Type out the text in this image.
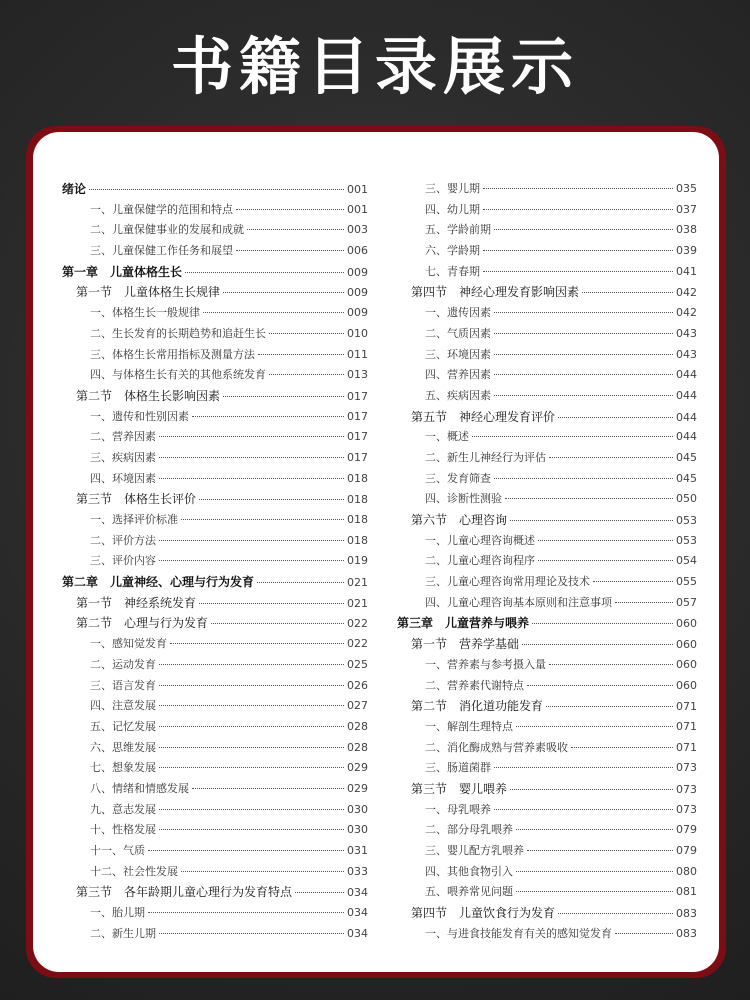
书籍目录展示
绪论	001
一、儿童保健学的范围和特点	001
二、儿童保健事业的发展和成就	003
三、儿童保健工作任务和展望	006
第一章　儿童体格生长	009
第一节　儿童体格生长规律	009
一、体格生长一般规律	009
二、生长发育的长期趋势和追赶生长	010
三、体格生长常用指标及测量方法	011
四、与体格生长有关的其他系统发育	013
第二节　体格生长影响因素	017
一、遗传和性别因素	017
二、营养因素	017
三、疾病因素	017
四、环境因素	018
第三节　体格生长评价	018
一、选择评价标准	018
二、评价方法	018
三、评价内容	019
第二章　儿童神经、心理与行为发育	021
第一节　神经系统发育	021
第二节　心理与行为发育	022
一、感知觉发育	022
二、运动发育	025
三、语言发育	026
四、注意发展	027
五、记忆发展	028
六、思维发展	028
七、想象发展	029
八、情绪和情感发展	029
九、意志发展	030
十、性格发展	030
十一、气质	031
十二、社会性发展	033
第三节　各年龄期儿童心理行为发育特点	034
一、胎儿期	034
二、新生儿期	034
三、婴儿期	035
四、幼儿期	037
五、学龄前期	038
六、学龄期	039
七、青春期	041
第四节　神经心理发育影响因素	042
一、遗传因素	042
二、气质因素	043
三、环境因素	043
四、营养因素	044
五、疾病因素	044
第五节　神经心理发育评价	044
一、概述	044
二、新生儿神经行为评估	045
三、发育筛查	045
四、诊断性测验	050
第六节　心理咨询	053
一、儿童心理咨询概述	053
二、儿童心理咨询程序	054
三、儿童心理咨询常用理论及技术	055
四、儿童心理咨询基本原则和注意事项	057
第三章　儿童营养与喂养	060
第一节　营养学基础	060
一、营养素与参考摄入量	060
二、营养素代谢特点	060
第二节　消化道功能发育	071
一、解剖生理特点	071
二、消化酶成熟与营养素吸收	071
三、肠道菌群	073
第三节　婴儿喂养	073
一、母乳喂养	073
二、部分母乳喂养	079
三、婴儿配方乳喂养	079
四、其他食物引入	080
五、喂养常见问题	081
第四节　儿童饮食行为发育	083
一、与进食技能发育有关的感知觉发育	083
